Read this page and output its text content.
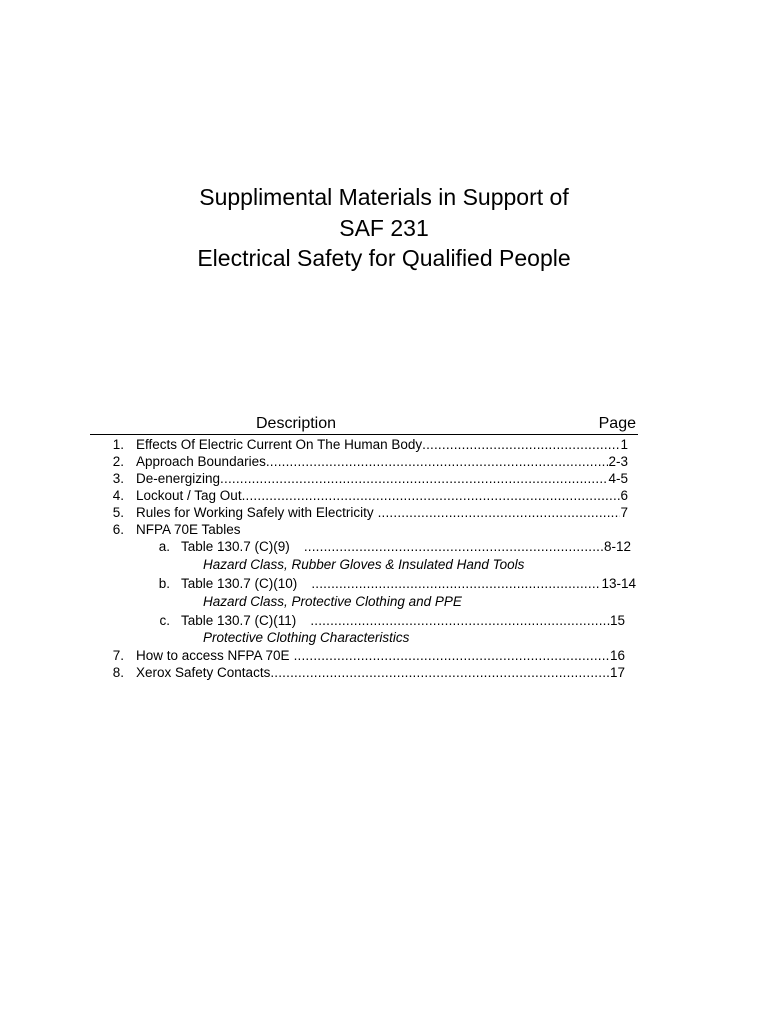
Supplimental Materials in Support of
SAF 231
Electrical Safety for Qualified People
Description	Page
1. Effects Of Electric Current On The Human Body .....	1
2. Approach Boundaries .....	2-3
3. De-energizing .....	4-5
4. Lockout / Tag Out .....	6
5. Rules for Working Safely with Electricity .....	7
6. NFPA 70E Tables
a. Table 130.7 (C)(9) .....	8-12
Hazard Class, Rubber Gloves & Insulated Hand Tools
b. Table 130.7 (C)(10) .....	13-14
Hazard Class, Protective Clothing and PPE
c. Table 130.7 (C)(11) .....	15
Protective Clothing Characteristics
7. How to access NFPA 70E .....	16
8. Xerox Safety Contacts .....	17
